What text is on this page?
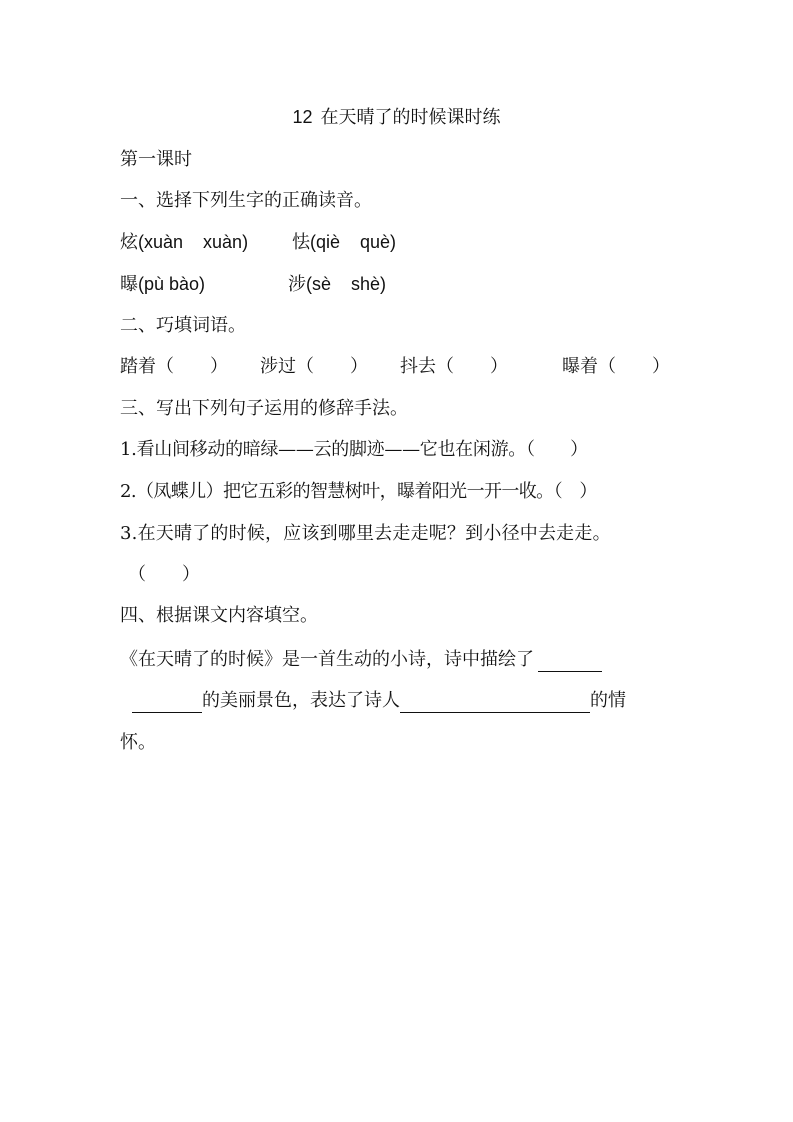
12 在天晴了的时候课时练
第一课时
一、选择下列生字的正确读音。
炫(xuàn    xuàn) 怯(qiè    què)
曝(pù bào)	涉(sè    shè)
二、巧填词语。
踏着（　　） 涉过（　　） 抖去（　　）	曝着（　　）
三、写出下列句子运用的修辞手法。
1.看山间移动的暗绿——云的脚迹——它也在闲游。（　　）
2.（凤蝶儿）把它五彩的智慧树叶，曝着阳光一开一收。（　）
3.在天晴了的时候，应该到哪里去走走呢？到小径中去走走。
（　　）
四、根据课文内容填空。
《在天晴了的时候》是一首生动的小诗，诗中描绘了
的美丽景色，表达了诗人	的情
怀。
